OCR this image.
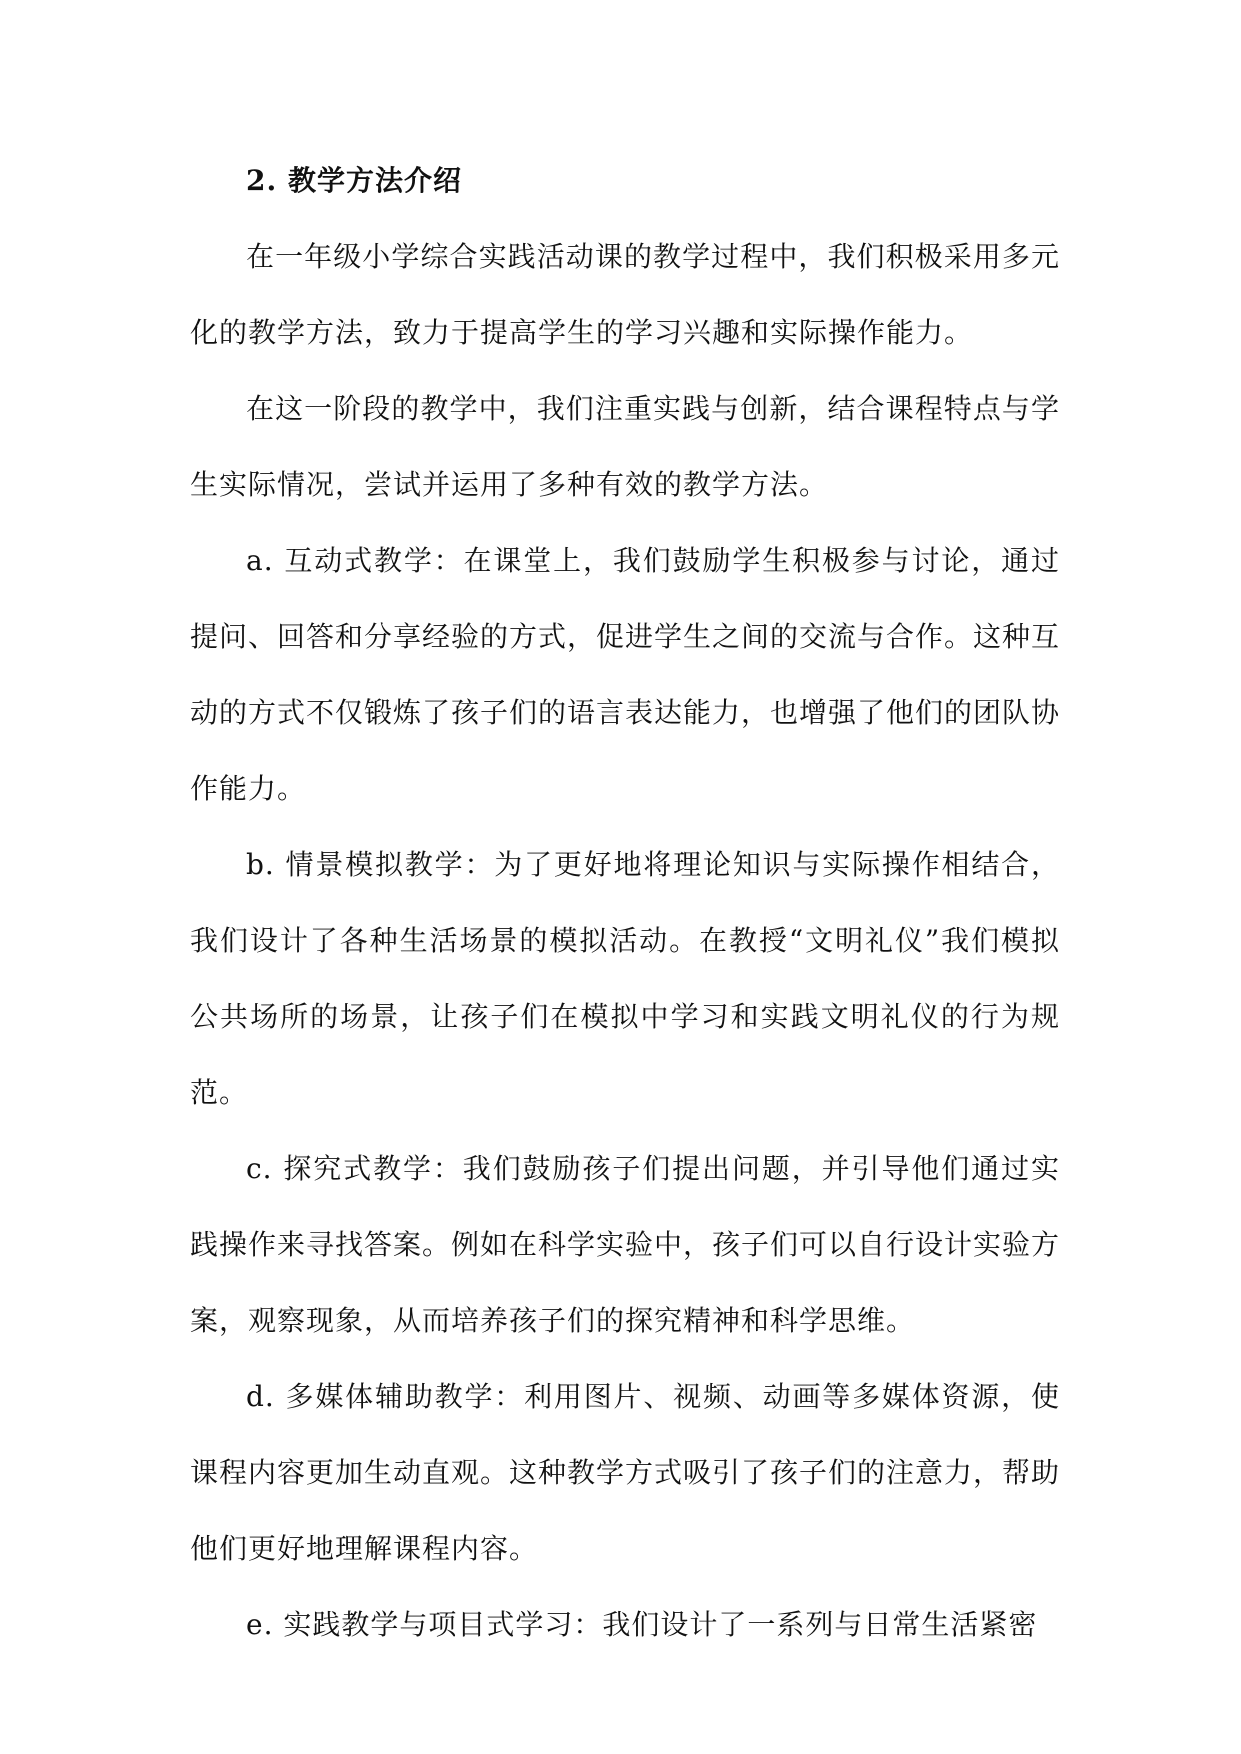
2. 教学方法介绍

在一年级小学综合实践活动课的教学过程中，我们积极采用多元化的教学方法，致力于提高学生的学习兴趣和实际操作能力。

在这一阶段的教学中，我们注重实践与创新，结合课程特点与学生实际情况，尝试并运用了多种有效的教学方法。

a. 互动式教学：在课堂上，我们鼓励学生积极参与讨论，通过提问、回答和分享经验的方式，促进学生之间的交流与合作。这种互动的方式不仅锻炼了孩子们的语言表达能力，也增强了他们的团队协作能力。

b. 情景模拟教学：为了更好地将理论知识与实际操作相结合，我们设计了各种生活场景的模拟活动。在教授“文明礼仪”我们模拟公共场所的场景，让孩子们在模拟中学习和实践文明礼仪的行为规范。

c. 探究式教学：我们鼓励孩子们提出问题，并引导他们通过实践操作来寻找答案。例如在科学实验中，孩子们可以自行设计实验方案，观察现象，从而培养孩子们的探究精神和科学思维。

d. 多媒体辅助教学：利用图片、视频、动画等多媒体资源，使课程内容更加生动直观。这种教学方式吸引了孩子们的注意力，帮助他们更好地理解课程内容。

e. 实践教学与项目式学习：我们设计了一系列与日常生活紧密
